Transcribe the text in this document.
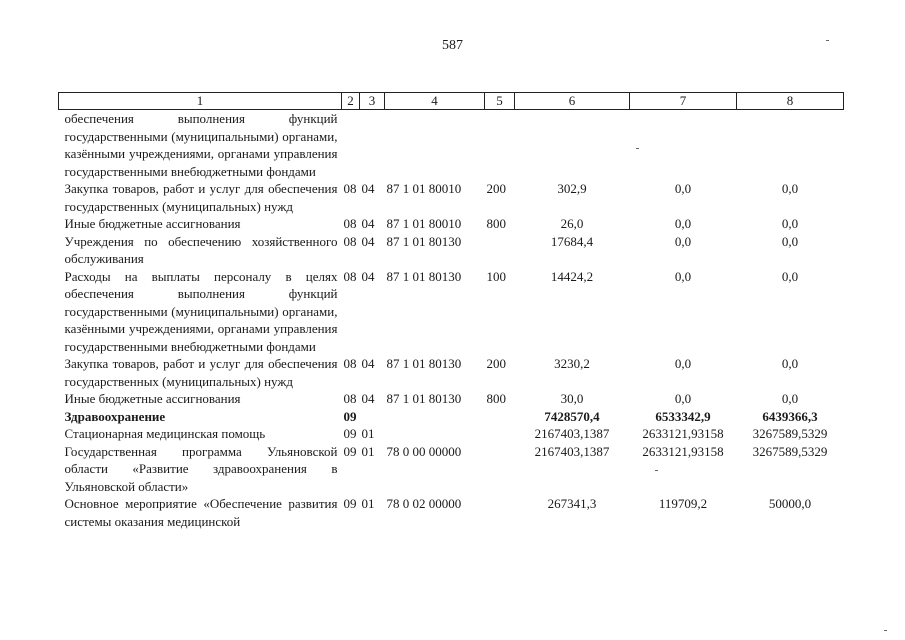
587
1	2	3	4	5	6	7	8
обеспечения выполнения функций государственными (муниципальными) органами, казёнными учреждениями, органами управления государственными внебюджетными фондами							
Закупка товаров, работ и услуг для обеспечения государственных (муниципальных) нужд	08	04	87 1 01 80010	200	302,9	0,0	0,0
Иные бюджетные ассигнования	08	04	87 1 01 80010	800	26,0	0,0	0,0
Учреждения по обеспечению хозяйственного обслуживания	08	04	87 1 01 80130		17684,4	0,0	0,0
Расходы на выплаты персоналу в целях обеспечения выполнения функций государственными (муниципальными) органами, казёнными учреждениями, органами управления государственными внебюджетными фондами	08	04	87 1 01 80130	100	14424,2	0,0	0,0
Закупка товаров, работ и услуг для обеспечения государственных (муниципальных) нужд	08	04	87 1 01 80130	200	3230,2	0,0	0,0
Иные бюджетные ассигнования	08	04	87 1 01 80130	800	30,0	0,0	0,0
Здравоохранение	09				7428570,4	6533342,9	6439366,3
Стационарная медицинская помощь	09	01			2167403,1387	2633121,93158	3267589,5329
Государственная программа Ульяновской области «Развитие здравоохранения в Ульяновской области»	09	01	78 0 00 00000		2167403,1387	2633121,93158	3267589,5329
Основное мероприятие «Обеспечение развития системы оказания медицинской	09	01	78 0 02 00000		267341,3	119709,2	50000,0
